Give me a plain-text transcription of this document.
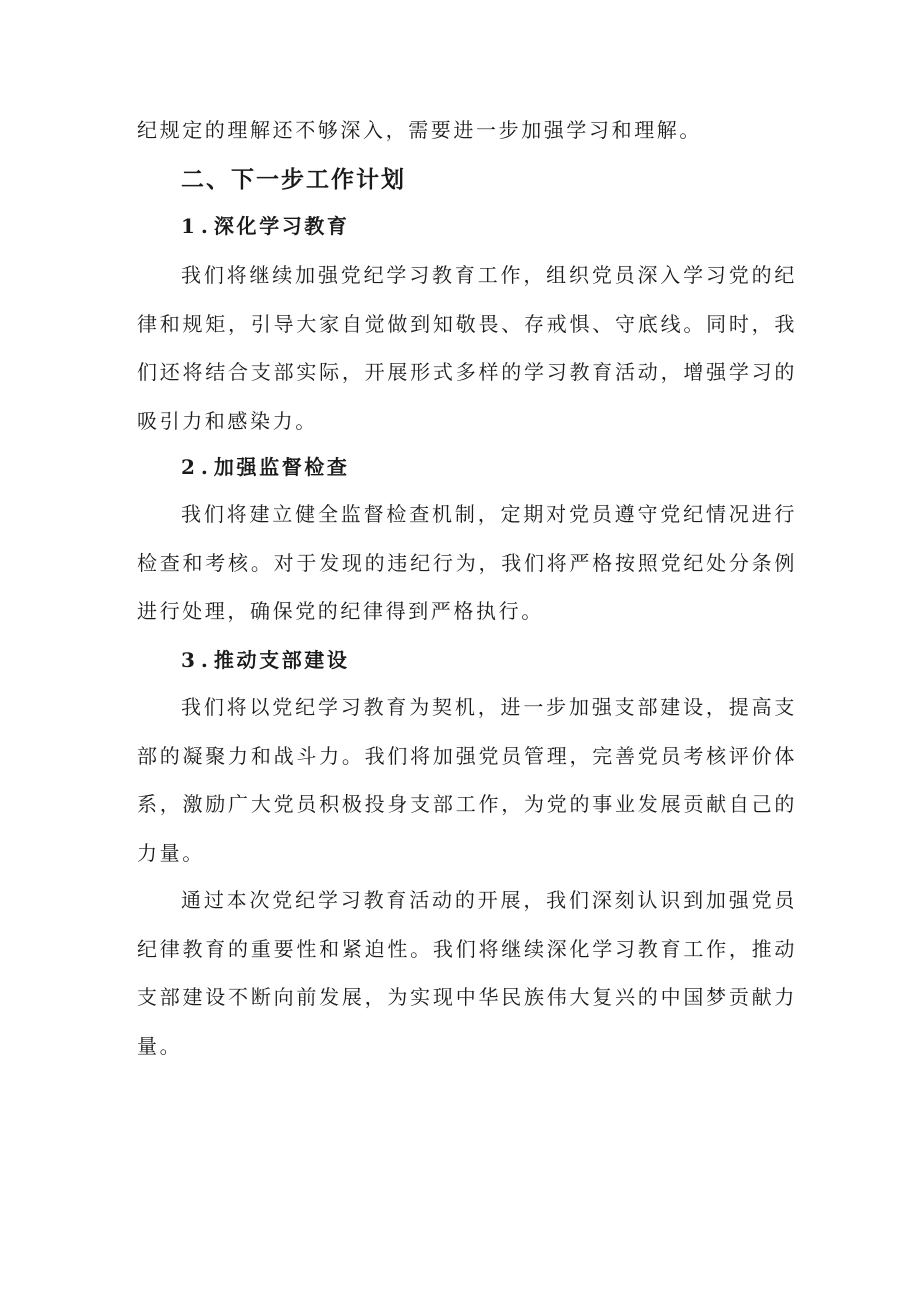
纪规定的理解还不够深入，需要进一步加强学习和理解。

二、下一步工作计划
1.深化学习教育

我们将继续加强党纪学习教育工作，组织党员深入学习党的纪律和规矩，引导大家自觉做到知敬畏、存戒惧、守底线。同时，我们还将结合支部实际，开展形式多样的学习教育活动，增强学习的吸引力和感染力。

2.加强监督检查

我们将建立健全监督检查机制，定期对党员遵守党纪情况进行检查和考核。对于发现的违纪行为，我们将严格按照党纪处分条例进行处理，确保党的纪律得到严格执行。

3.推动支部建设

我们将以党纪学习教育为契机，进一步加强支部建设，提高支部的凝聚力和战斗力。我们将加强党员管理，完善党员考核评价体系，激励广大党员积极投身支部工作，为党的事业发展贡献自己的力量。

通过本次党纪学习教育活动的开展，我们深刻认识到加强党员纪律教育的重要性和紧迫性。我们将继续深化学习教育工作，推动支部建设不断向前发展，为实现中华民族伟大复兴的中国梦贡献力量。
